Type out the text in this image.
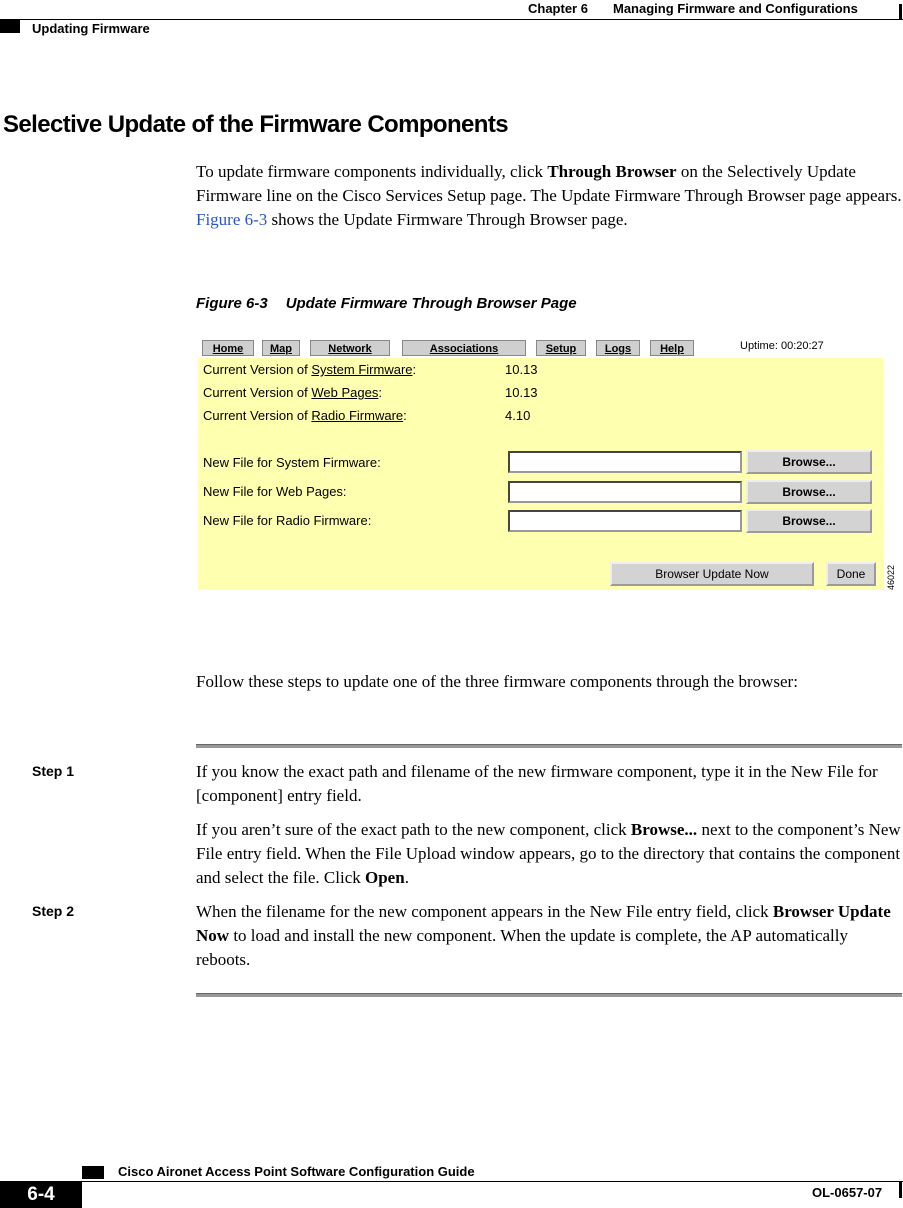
Chapter 6 Managing Firmware and Configurations
Updating Firmware
Selective Update of the Firmware Components
To update firmware components individually, click Through Browser on the Selectively Update Firmware line on the Cisco Services Setup page. The Update Firmware Through Browser page appears. Figure 6-3 shows the Update Firmware Through Browser page.
Figure 6-3 Update Firmware Through Browser Page
Home	Map	Network	Associations	Setup	Logs	Help	Uptime: 00:20:27
Current Version of System Firmware:	10.13
Current Version of Web Pages:	10.13
Current Version of Radio Firmware:	4.10
New File for System Firmware:	Browse...
New File for Web Pages:	Browse...
New File for Radio Firmware:	Browse...
Browser Update Now	Done	46022
Follow these steps to update one of the three firmware components through the browser:
Step 1	If you know the exact path and filename of the new firmware component, type it in the New File for [component] entry field.
If you aren’t sure of the exact path to the new component, click Browse... next to the component’s New File entry field. When the File Upload window appears, go to the directory that contains the component and select the file. Click Open.
Step 2	When the filename for the new component appears in the New File entry field, click Browser Update Now to load and install the new component. When the update is complete, the AP automatically reboots.
Cisco Aironet Access Point Software Configuration Guide
6-4	OL-0657-07
